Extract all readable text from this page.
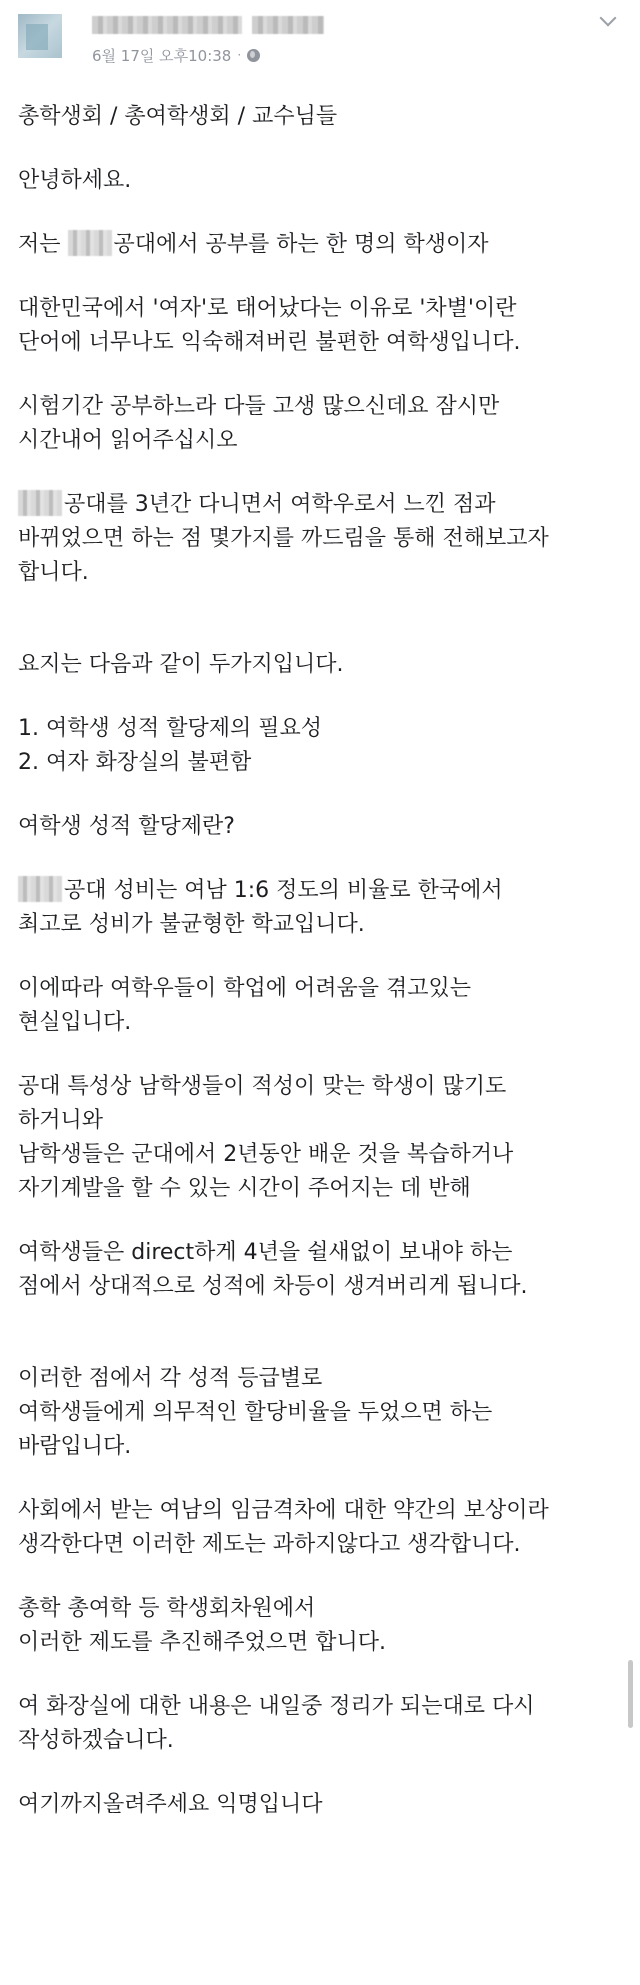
6월 17일 오후10:38 ·
총학생회 / 총여학생회 / 교수님들
안녕하세요.
저는 공대에서 공부를 하는 한 명의 학생이자
대한민국에서 '여자'로 태어났다는 이유로 '차별'이란
단어에 너무나도 익숙해져버린 불편한 여학생입니다.
시험기간 공부하느라 다들 고생 많으신데요 잠시만
시간내어 읽어주십시오
공대를 3년간 다니면서 여학우로서 느낀 점과
바뀌었으면 하는 점 몇가지를 까드림을 통해 전해보고자
합니다.
요지는 다음과 같이 두가지입니다.
1. 여학생 성적 할당제의 필요성
2. 여자 화장실의 불편함
여학생 성적 할당제란?
공대 성비는 여남 1:6 정도의 비율로 한국에서
최고로 성비가 불균형한 학교입니다.
이에따라 여학우들이 학업에 어려움을 겪고있는
현실입니다.
공대 특성상 남학생들이 적성이 맞는 학생이 많기도
하거니와
남학생들은 군대에서 2년동안 배운 것을 복습하거나
자기계발을 할 수 있는 시간이 주어지는 데 반해
여학생들은 direct하게 4년을 쉴새없이 보내야 하는
점에서 상대적으로 성적에 차등이 생겨버리게 됩니다.
이러한 점에서 각 성적 등급별로
여학생들에게 의무적인 할당비율을 두었으면 하는
바람입니다.
사회에서 받는 여남의 임금격차에 대한 약간의 보상이라
생각한다면 이러한 제도는 과하지않다고 생각합니다.
총학 총여학 등 학생회차원에서
이러한 제도를 추진해주었으면 합니다.
여 화장실에 대한 내용은 내일중 정리가 되는대로 다시
작성하겠습니다.
여기까지올려주세요 익명입니다
